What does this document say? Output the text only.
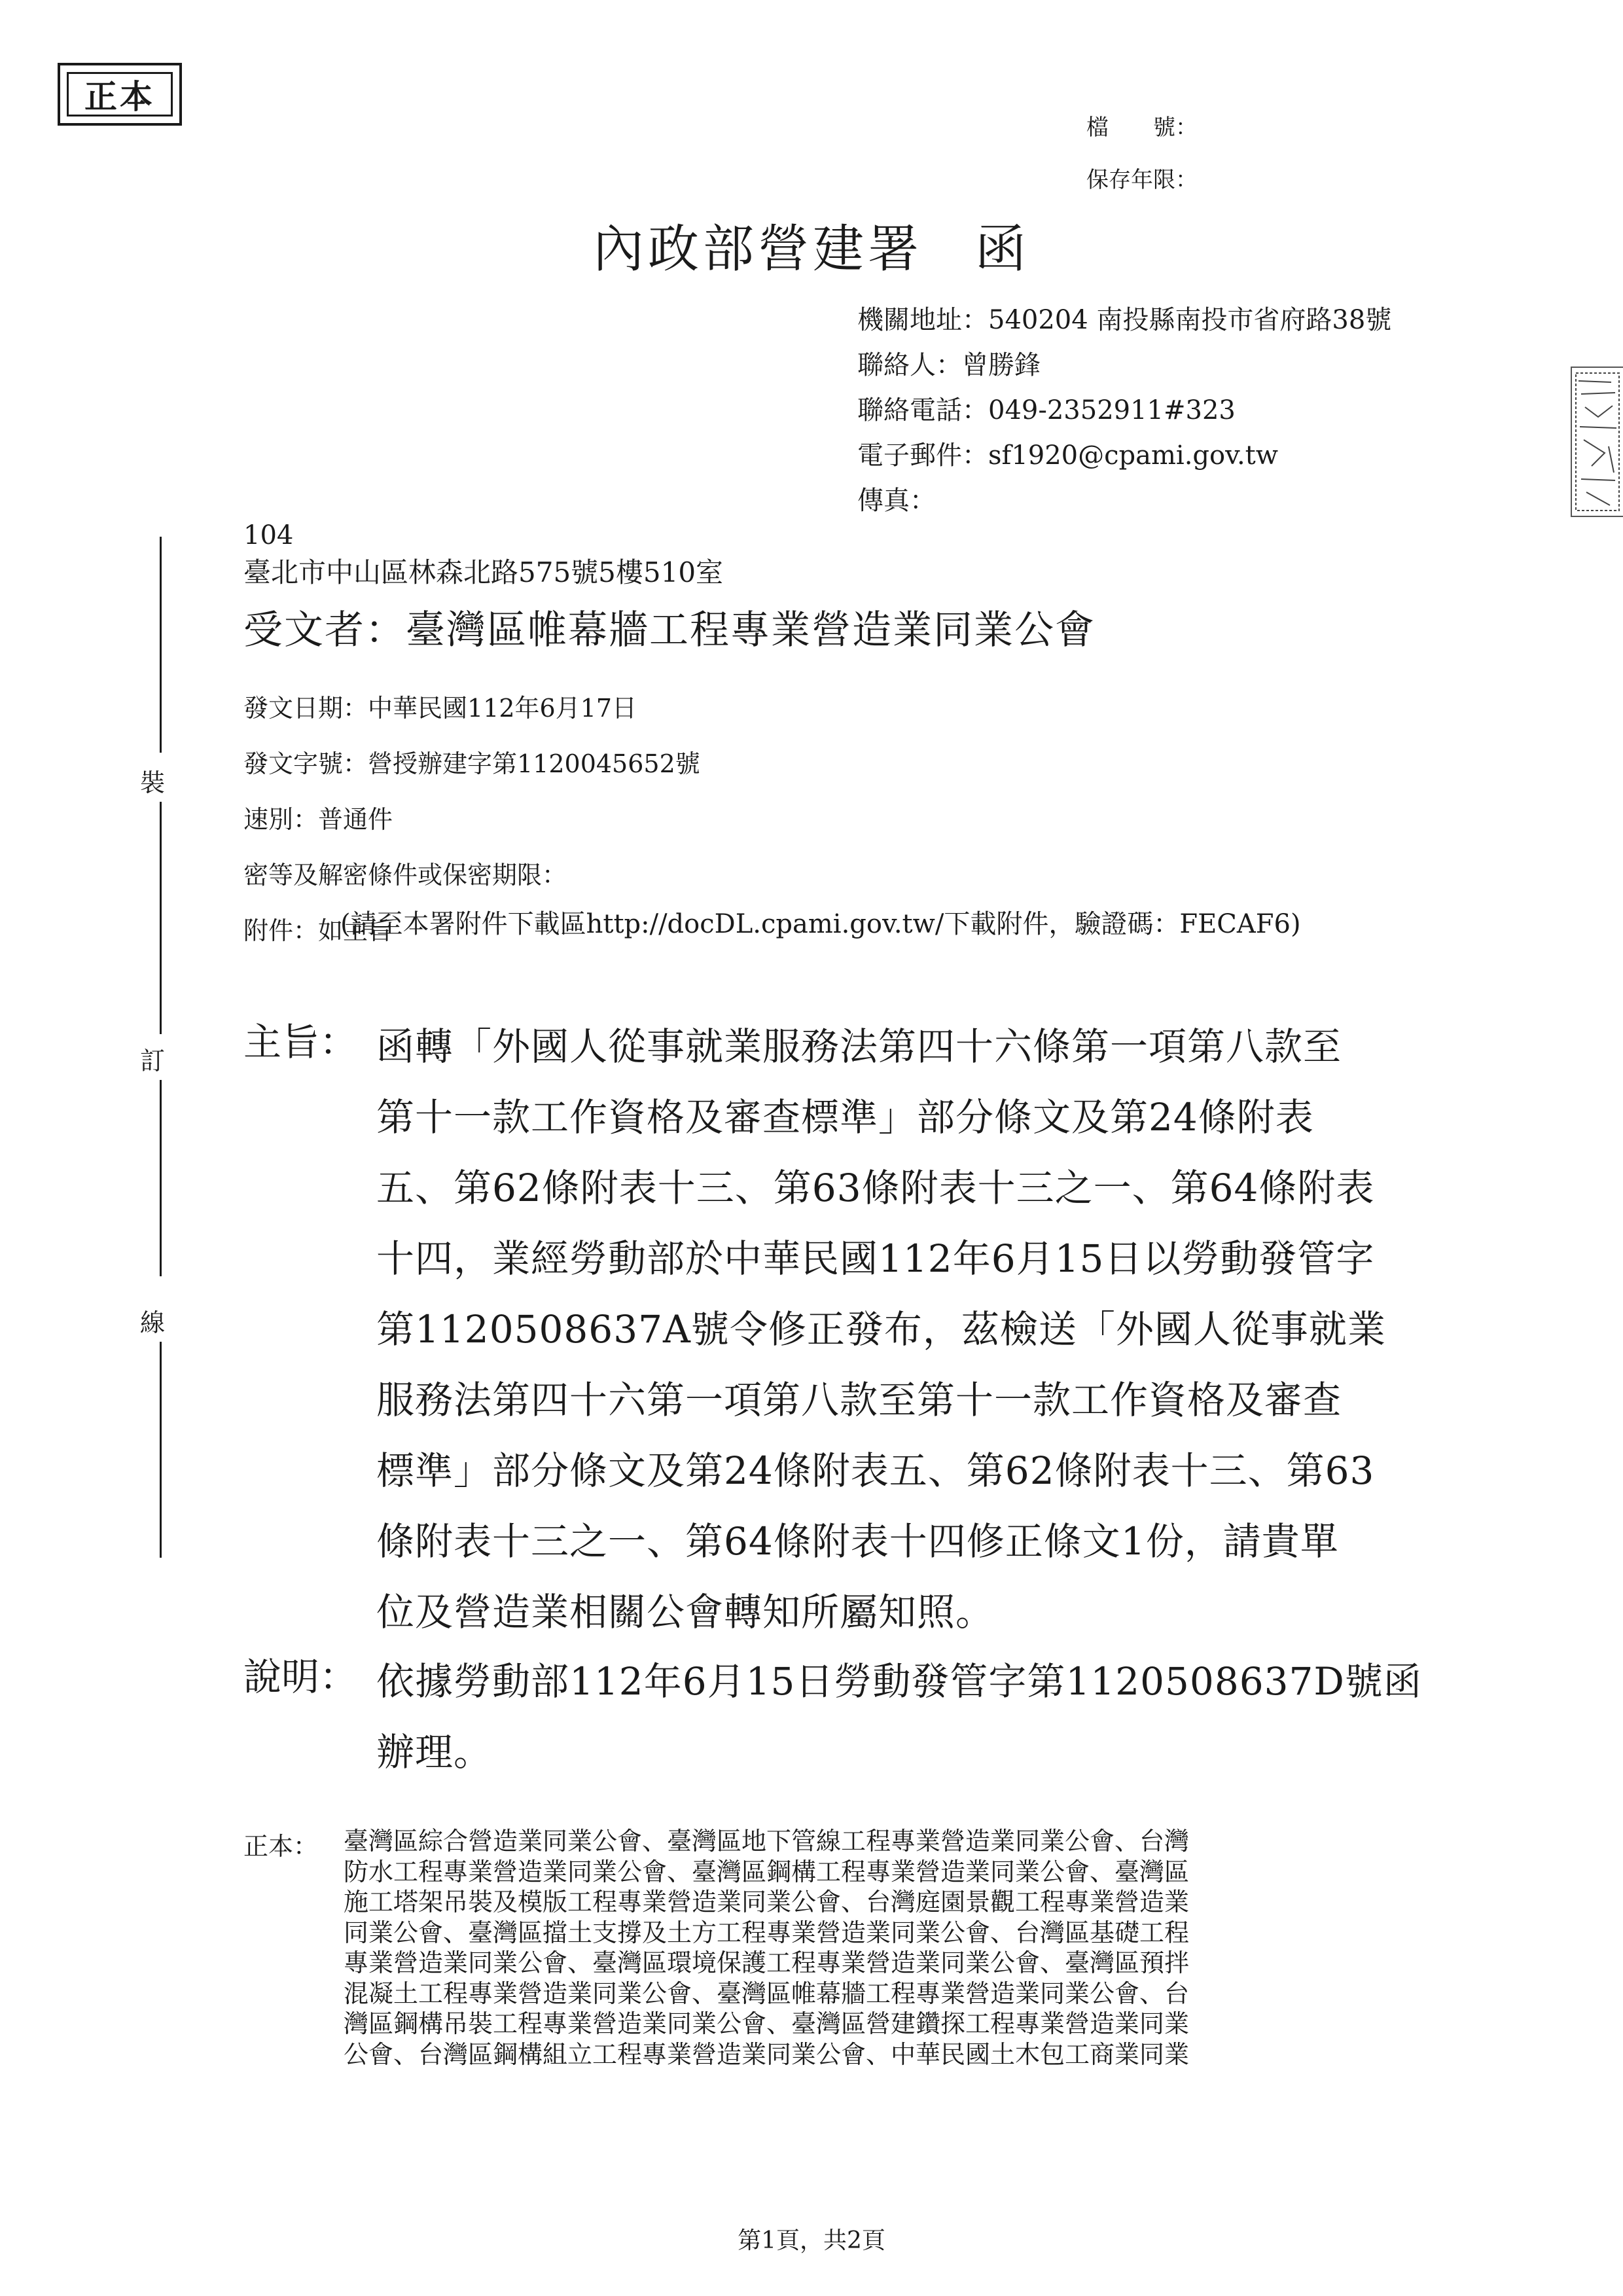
正本
檔　　號：
保存年限：
內政部營建署 函
機關地址：540204 南投縣南投市省府路38號
聯絡人：曾勝鋒
聯絡電話：049-2352911#323
電子郵件：sf1920@cpami.gov.tw
傳真：
104
臺北市中山區林森北路575號5樓510室
受文者：臺灣區帷幕牆工程專業營造業同業公會
發文日期：中華民國112年6月17日
發文字號：營授辦建字第1120045652號
速別：普通件
密等及解密條件或保密期限：
附件：如主旨
(請至本署附件下載區http://docDL.cpami.gov.tw/下載附件，驗證碼：FECAF6)
裝
訂
線
主旨： 函轉「外國人從事就業服務法第四十六條第一項第八款至
第十一款工作資格及審查標準」部分條文及第24條附表
五、第62條附表十三、第63條附表十三之一、第64條附表
十四，業經勞動部於中華民國112年6月15日以勞動發管字
第1120508637A號令修正發布，茲檢送「外國人從事就業
服務法第四十六第一項第八款至第十一款工作資格及審查
標準」部分條文及第24條附表五、第62條附表十三、第63
條附表十三之一、第64條附表十四修正條文1份，請貴單
位及營造業相關公會轉知所屬知照。
說明： 依據勞動部112年6月15日勞動發管字第1120508637D號函
辦理。
正本： 臺灣區綜合營造業同業公會、臺灣區地下管線工程專業營造業同業公會、台灣
防水工程專業營造業同業公會、臺灣區鋼構工程專業營造業同業公會、臺灣區
施工塔架吊裝及模版工程專業營造業同業公會、台灣庭園景觀工程專業營造業
同業公會、臺灣區擋土支撐及土方工程專業營造業同業公會、台灣區基礎工程
專業營造業同業公會、臺灣區環境保護工程專業營造業同業公會、臺灣區預拌
混凝土工程專業營造業同業公會、臺灣區帷幕牆工程專業營造業同業公會、台
灣區鋼構吊裝工程專業營造業同業公會、臺灣區營建鑽探工程專業營造業同業
公會、台灣區鋼構組立工程專業營造業同業公會、中華民國土木包工商業同業
第1頁，共2頁
